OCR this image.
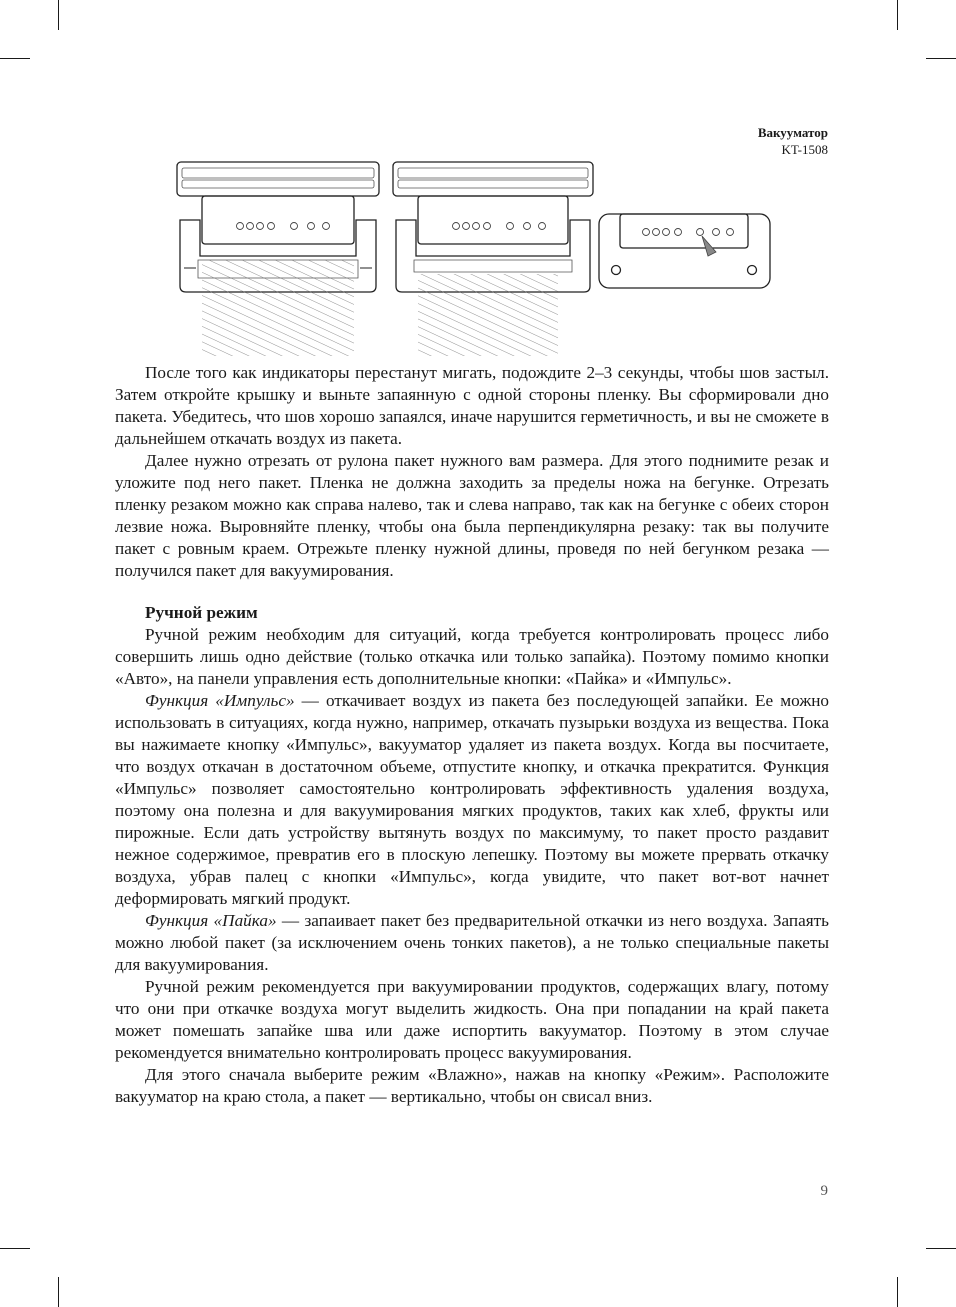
Вакууматор
KT-1508

После того как индикаторы перестанут мигать, подождите 2–3 секунды, чтобы шов застыл. Затем откройте крышку и выньте запаянную с одной стороны пленку. Вы сформировали дно пакета. Убедитесь, что шов хорошо запаялся, иначе нарушится герметичность, и вы не сможете в дальнейшем откачать воздух из пакета.

Далее нужно отрезать от рулона пакет нужного вам размера. Для этого поднимите резак и уложите под него пакет. Пленка не должна заходить за пределы ножа на бегунке. Отрезать пленку резаком можно как справа налево, так и слева направо, так как на бегунке с обеих сторон лезвие ножа. Выровняйте пленку, чтобы она была перпендикулярна резаку: так вы получите пакет с ровным краем. Отрежьте пленку нужной длины, проведя по ней бегунком резака — получился пакет для вакуумирования.

Ручной режим

Ручной режим необходим для ситуаций, когда требуется контролировать процесс либо совершить лишь одно действие (только откачка или только запайка). Поэтому помимо кнопки «Авто», на панели управления есть дополнительные кнопки: «Пайка» и «Импульс».

Функция «Импульс» — откачивает воздух из пакета без последующей запайки. Ее можно использовать в ситуациях, когда нужно, например, откачать пузырьки воздуха из вещества. Пока вы нажимаете кнопку «Импульс», вакууматор удаляет из пакета воздух. Когда вы посчитаете, что воздух откачан в достаточном объеме, отпустите кнопку, и откачка прекратится. Функция «Импульс» позволяет самостоятельно контролировать эффективность удаления воздуха, поэтому она полезна и для вакуумирования мягких продуктов, таких как хлеб, фрукты или пирожные. Если дать устройству вытянуть воздух по максимуму, то пакет просто раздавит нежное содержимое, превратив его в плоскую лепешку. Поэтому вы можете прервать откачку воздуха, убрав палец с кнопки «Импульс», когда увидите, что пакет вот-вот начнет деформировать мягкий продукт.

Функция «Пайка» — запаивает пакет без предварительной откачки из него воздуха. Запаять можно любой пакет (за исключением очень тонких пакетов), а не только специальные пакеты для вакуумирования.

Ручной режим рекомендуется при вакуумировании продуктов, содержащих влагу, потому что они при откачке воздуха могут выделить жидкость. Она при попадании на край пакета может помешать запайке шва или даже испортить вакууматор. Поэтому в этом случае рекомендуется внимательно контролировать процесс вакуумирования.

Для этого сначала выберите режим «Влажно», нажав на кнопку «Режим». Расположите вакууматор на краю стола, а пакет — вертикально, чтобы он свисал вниз.

9
